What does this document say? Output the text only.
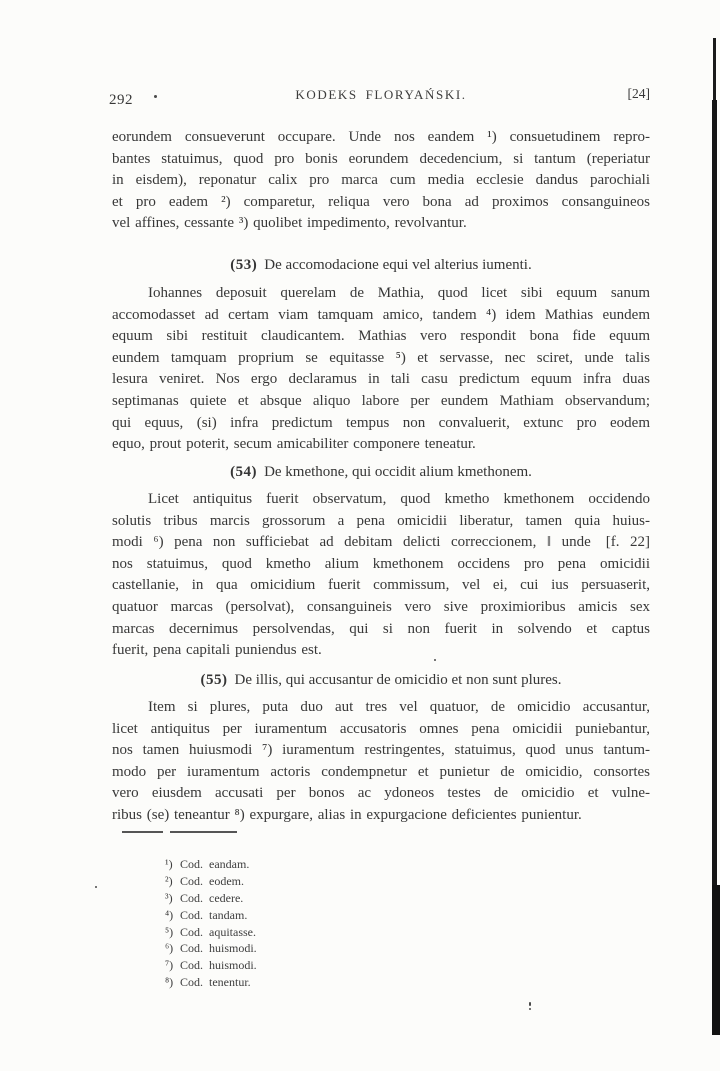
292	KODEKS FLORYAŃSKI.	[24]
eorundem consueverunt occupare. Unde nos eandem ¹) consuetudinem repro-
bantes statuimus, quod pro bonis eorundem decedencium, si tantum (reperiatur
in eisdem), reponatur calix pro marca cum media ecclesie dandus parochiali
et pro eadem ²) comparetur, reliqua vero bona ad proximos consanguineos
vel affines, cessante ³) quolibet impedimento, revolvantur.
(53) De accomodacione equi vel alterius iumenti.
Iohannes deposuit querelam de Mathia, quod licet sibi equum sanum
accomodasset ad certam viam tamquam amico, tandem ⁴) idem Mathias eundem
equum sibi restituit claudicantem. Mathias vero respondit bona fide equum
eundem tamquam proprium se equitasse ⁵) et servasse, nec sciret, unde talis
lesura veniret. Nos ergo declaramus in tali casu predictum equum infra duas
septimanas quiete et absque aliquo labore per eundem Mathiam observandum;
qui equus, (si) infra predictum tempus non convaluerit, extunc pro eodem
equo, prout poterit, secum amicabiliter componere teneatur.
(54) De kmethone, qui occidit alium kmethonem.
Licet antiquitus fuerit observatum, quod kmetho kmethonem occidendo
solutis tribus marcis grossorum a pena omicidii liberatur, tamen quia huius-
modi ⁶) pena non sufficiebat ad debitam delicti correccionem, ‖ unde [f. 22]
nos statuimus, quod kmetho alium kmethonem occidens pro pena omicidii
castellanie, in qua omicidium fuerit commissum, vel ei, cui ius persuaserit,
quatuor marcas (persolvat), consanguineis vero sive proximioribus amicis sex
marcas decernimus persolvendas, qui si non fuerit in solvendo et captus
fuerit, pena capitali puniendus est.
(55) De illis, qui accusantur de omicidio et non sunt plures.
Item si plures, puta duo aut tres vel quatuor, de omicidio accusantur,
licet antiquitus per iuramentum accusatoris omnes pena omicidii puniebantur,
nos tamen huiusmodi ⁷) iuramentum restringentes, statuimus, quod unus tantum-
modo per iuramentum actoris condempnetur et punietur de omicidio, consortes
vero eiusdem accusati per bonos ac ydoneos testes de omicidio et vulne-
ribus (se) teneantur ⁸) expurgare, alias in expurgacione deficientes punientur.
¹) Cod. eandam.
²) Cod. eodem.
³) Cod. cedere.
⁴) Cod. tandam.
⁵) Cod. aquitasse.
⁶) Cod. huismodi.
⁷) Cod. huismodi.
⁸) Cod. tenentur.
